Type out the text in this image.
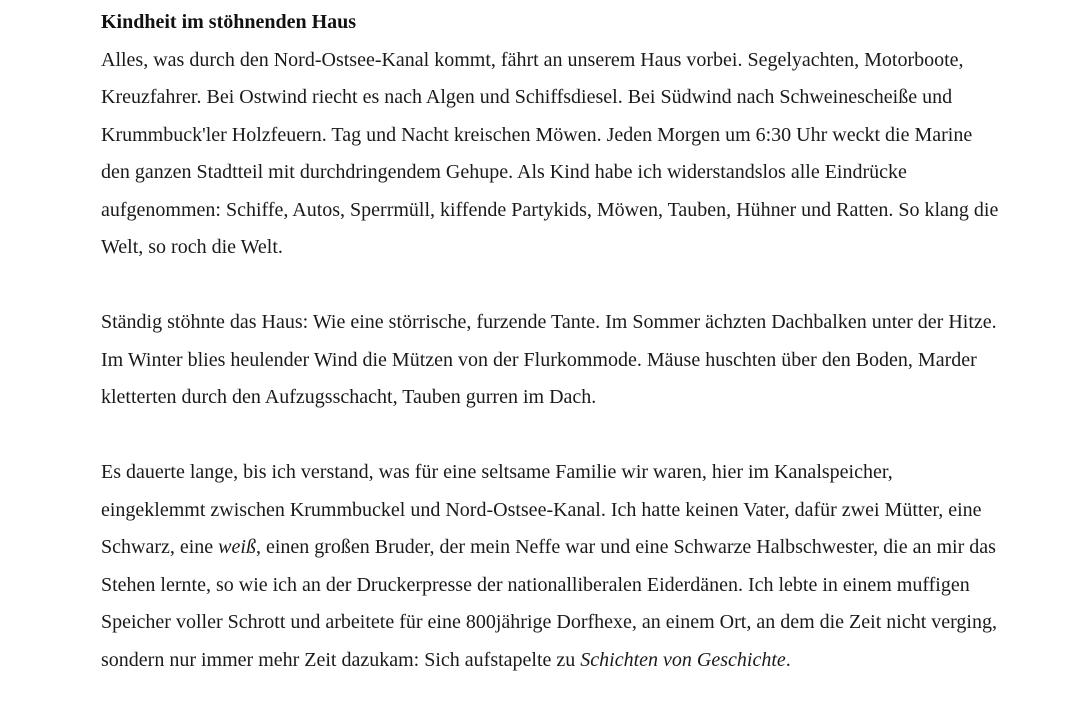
Kindheit im stöhnenden Haus

Alles, was durch den Nord-Ostsee-Kanal kommt, fährt an unserem Haus vorbei. Segelyachten, Motorboote, Kreuzfahrer. Bei Ostwind riecht es nach Algen und Schiffsdiesel. Bei Südwind nach Schweinescheiße und Krummbuck'ler Holzfeuern. Tag und Nacht kreischen Möwen. Jeden Morgen um 6:30 Uhr weckt die Marine den ganzen Stadtteil mit durchdringendem Gehupe. Als Kind habe ich widerstandslos alle Eindrücke aufgenommen: Schiffe, Autos, Sperrmüll, kiffende Partykids, Möwen, Tauben, Hühner und Ratten. So klang die Welt, so roch die Welt.

Ständig stöhnte das Haus: Wie eine störrische, furzende Tante. Im Sommer ächzten Dachbalken unter der Hitze. Im Winter blies heulender Wind die Mützen von der Flurkommode. Mäuse huschten über den Boden, Marder kletterten durch den Aufzugsschacht, Tauben gurren im Dach.

Es dauerte lange, bis ich verstand, was für eine seltsame Familie wir waren, hier im Kanalspeicher, eingeklemmt zwischen Krummbuckel und Nord-Ostsee-Kanal. Ich hatte keinen Vater, dafür zwei Mütter, eine Schwarz, eine weiß, einen großen Bruder, der mein Neffe war und eine Schwarze Halbschwester, die an mir das Stehen lernte, so wie ich an der Druckerpresse der nationalliberalen Eiderdänen. Ich lebte in einem muffigen Speicher voller Schrott und arbeitete für eine 800jährige Dorfhexe, an einem Ort, an dem die Zeit nicht verging, sondern nur immer mehr Zeit dazukam: Sich aufstapelte zu Schichten von Geschichte.
